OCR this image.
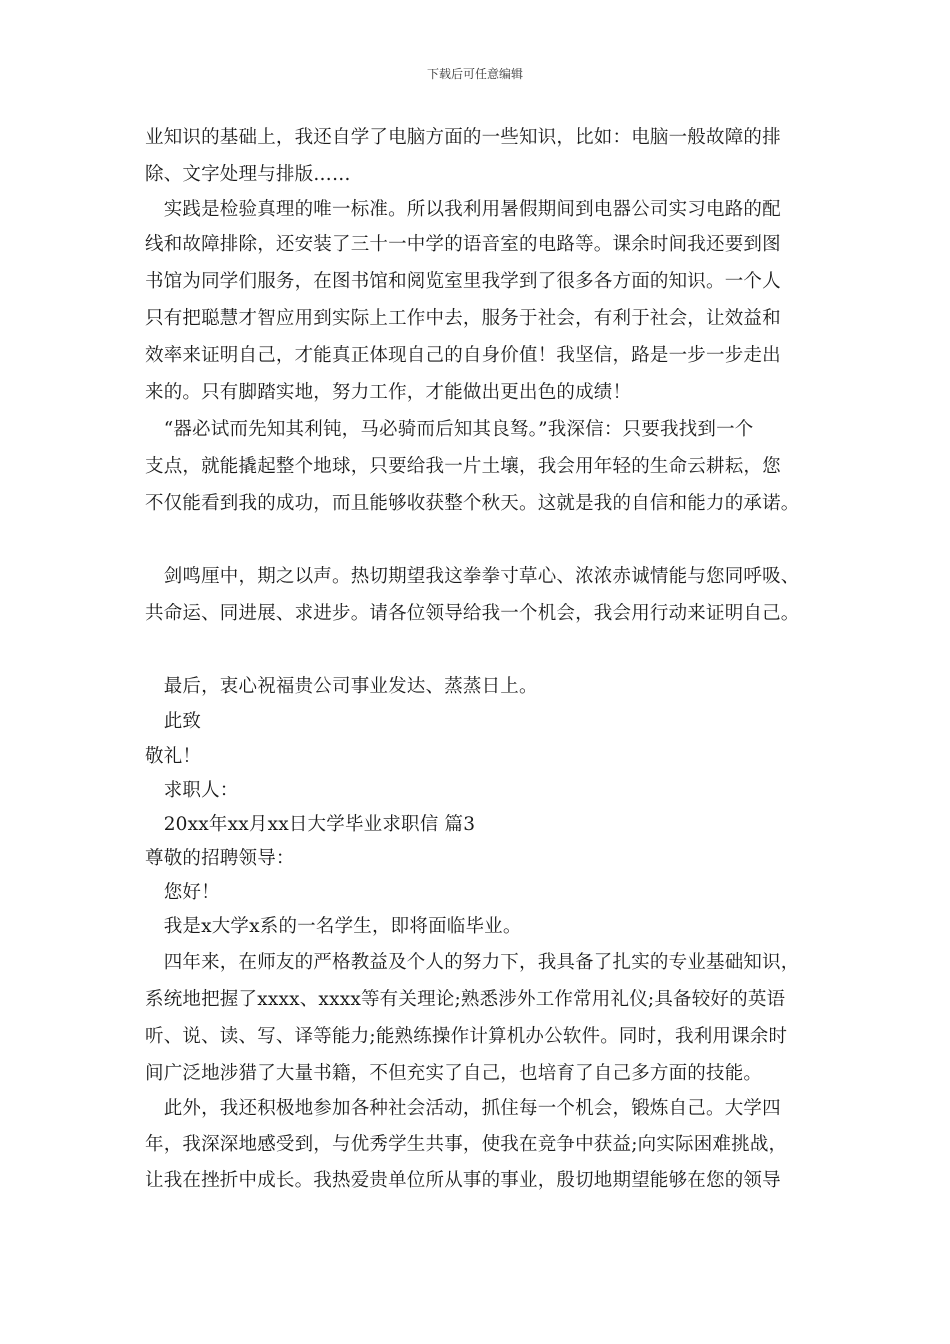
下载后可任意编辑
业知识的基础上，我还自学了电脑方面的一些知识，比如：电脑一般故障的排
除、文字处理与排版……
　实践是检验真理的唯一标准。所以我利用暑假期间到电器公司实习电路的配
线和故障排除，还安装了三十一中学的语音室的电路等。课余时间我还要到图
书馆为同学们服务，在图书馆和阅览室里我学到了很多各方面的知识。一个人
只有把聪慧才智应用到实际上工作中去，服务于社会，有利于社会，让效益和
效率来证明自己，才能真正体现自己的自身价值！我坚信，路是一步一步走出
来的。只有脚踏实地，努力工作，才能做出更出色的成绩！
　“器必试而先知其利钝，马必骑而后知其良驽。”我深信：只要我找到一个
支点，就能撬起整个地球，只要给我一片土壤，我会用年轻的生命云耕耘，您
不仅能看到我的成功，而且能够收获整个秋天。这就是我的自信和能力的承诺。
　剑鸣厘中，期之以声。热切期望我这拳拳寸草心、浓浓赤诚情能与您同呼吸、
共命运、同进展、求进步。请各位领导给我一个机会，我会用行动来证明自己。
　最后，衷心祝福贵公司事业发达、蒸蒸日上。
　此致
敬礼！
　求职人：
　20xx年xx月xx日大学毕业求职信 篇3
尊敬的招聘领导：
　您好！
　我是x大学x系的一名学生，即将面临毕业。
　四年来，在师友的严格教益及个人的努力下，我具备了扎实的专业基础知识，
系统地把握了xxxx、xxxx等有关理论;熟悉涉外工作常用礼仪;具备较好的英语
听、说、读、写、译等能力;能熟练操作计算机办公软件。同时，我利用课余时
间广泛地涉猎了大量书籍，不但充实了自己，也培育了自己多方面的技能。
　此外，我还积极地参加各种社会活动，抓住每一个机会，锻炼自己。大学四
年，我深深地感受到，与优秀学生共事，使我在竞争中获益;向实际困难挑战，
让我在挫折中成长。我热爱贵单位所从事的事业，殷切地期望能够在您的领导
